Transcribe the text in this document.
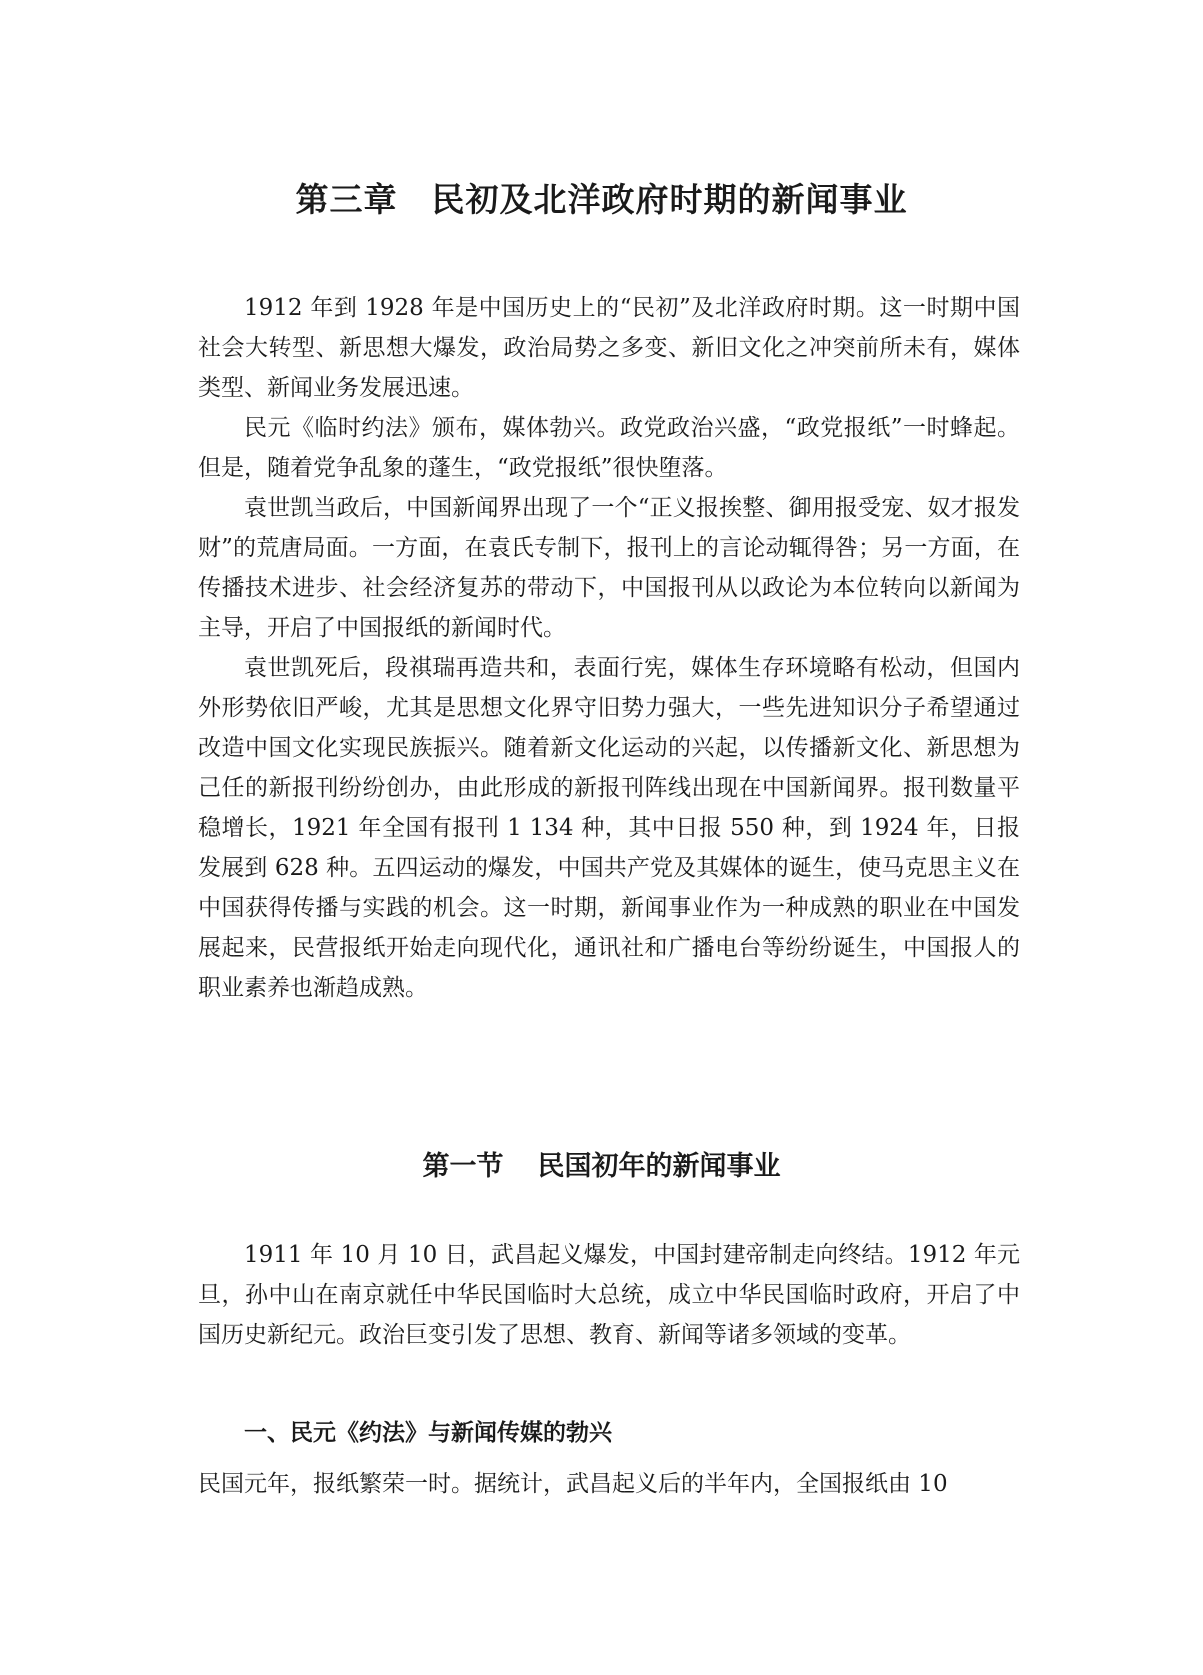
第三章 民初及北洋政府时期的新闻事业

1912 年到 1928 年是中国历史上的“民初”及北洋政府时期。这一时期中国社会大转型、新思想大爆发，政治局势之多变、新旧文化之冲突前所未有，媒体类型、新闻业务发展迅速。

民元《临时约法》颁布，媒体勃兴。政党政治兴盛，“政党报纸”一时蜂起。但是，随着党争乱象的蓬生，“政党报纸”很快堕落。

袁世凯当政后，中国新闻界出现了一个“正义报挨整、御用报受宠、奴才报发财”的荒唐局面。一方面，在袁氏专制下，报刊上的言论动辄得咎；另一方面，在传播技术进步、社会经济复苏的带动下，中国报刊从以政论为本位转向以新闻为主导，开启了中国报纸的新闻时代。

袁世凯死后，段祺瑞再造共和，表面行宪，媒体生存环境略有松动，但国内外形势依旧严峻，尤其是思想文化界守旧势力强大，一些先进知识分子希望通过改造中国文化实现民族振兴。随着新文化运动的兴起，以传播新文化、新思想为己任的新报刊纷纷创办，由此形成的新报刊阵线出现在中国新闻界。报刊数量平稳增长，1921 年全国有报刊 1 134 种，其中日报 550 种，到 1924 年，日报发展到 628 种。五四运动的爆发，中国共产党及其媒体的诞生，使马克思主义在中国获得传播与实践的机会。这一时期，新闻事业作为一种成熟的职业在中国发展起来，民营报纸开始走向现代化，通讯社和广播电台等纷纷诞生，中国报人的职业素养也渐趋成熟。

第一节 民国初年的新闻事业

1911 年 10 月 10 日，武昌起义爆发，中国封建帝制走向终结。1912 年元旦，孙中山在南京就任中华民国临时大总统，成立中华民国临时政府，开启了中国历史新纪元。政治巨变引发了思想、教育、新闻等诸多领域的变革。

一、民元《约法》与新闻传媒的勃兴

民国元年，报纸繁荣一时。据统计，武昌起义后的半年内，全国报纸由 10
